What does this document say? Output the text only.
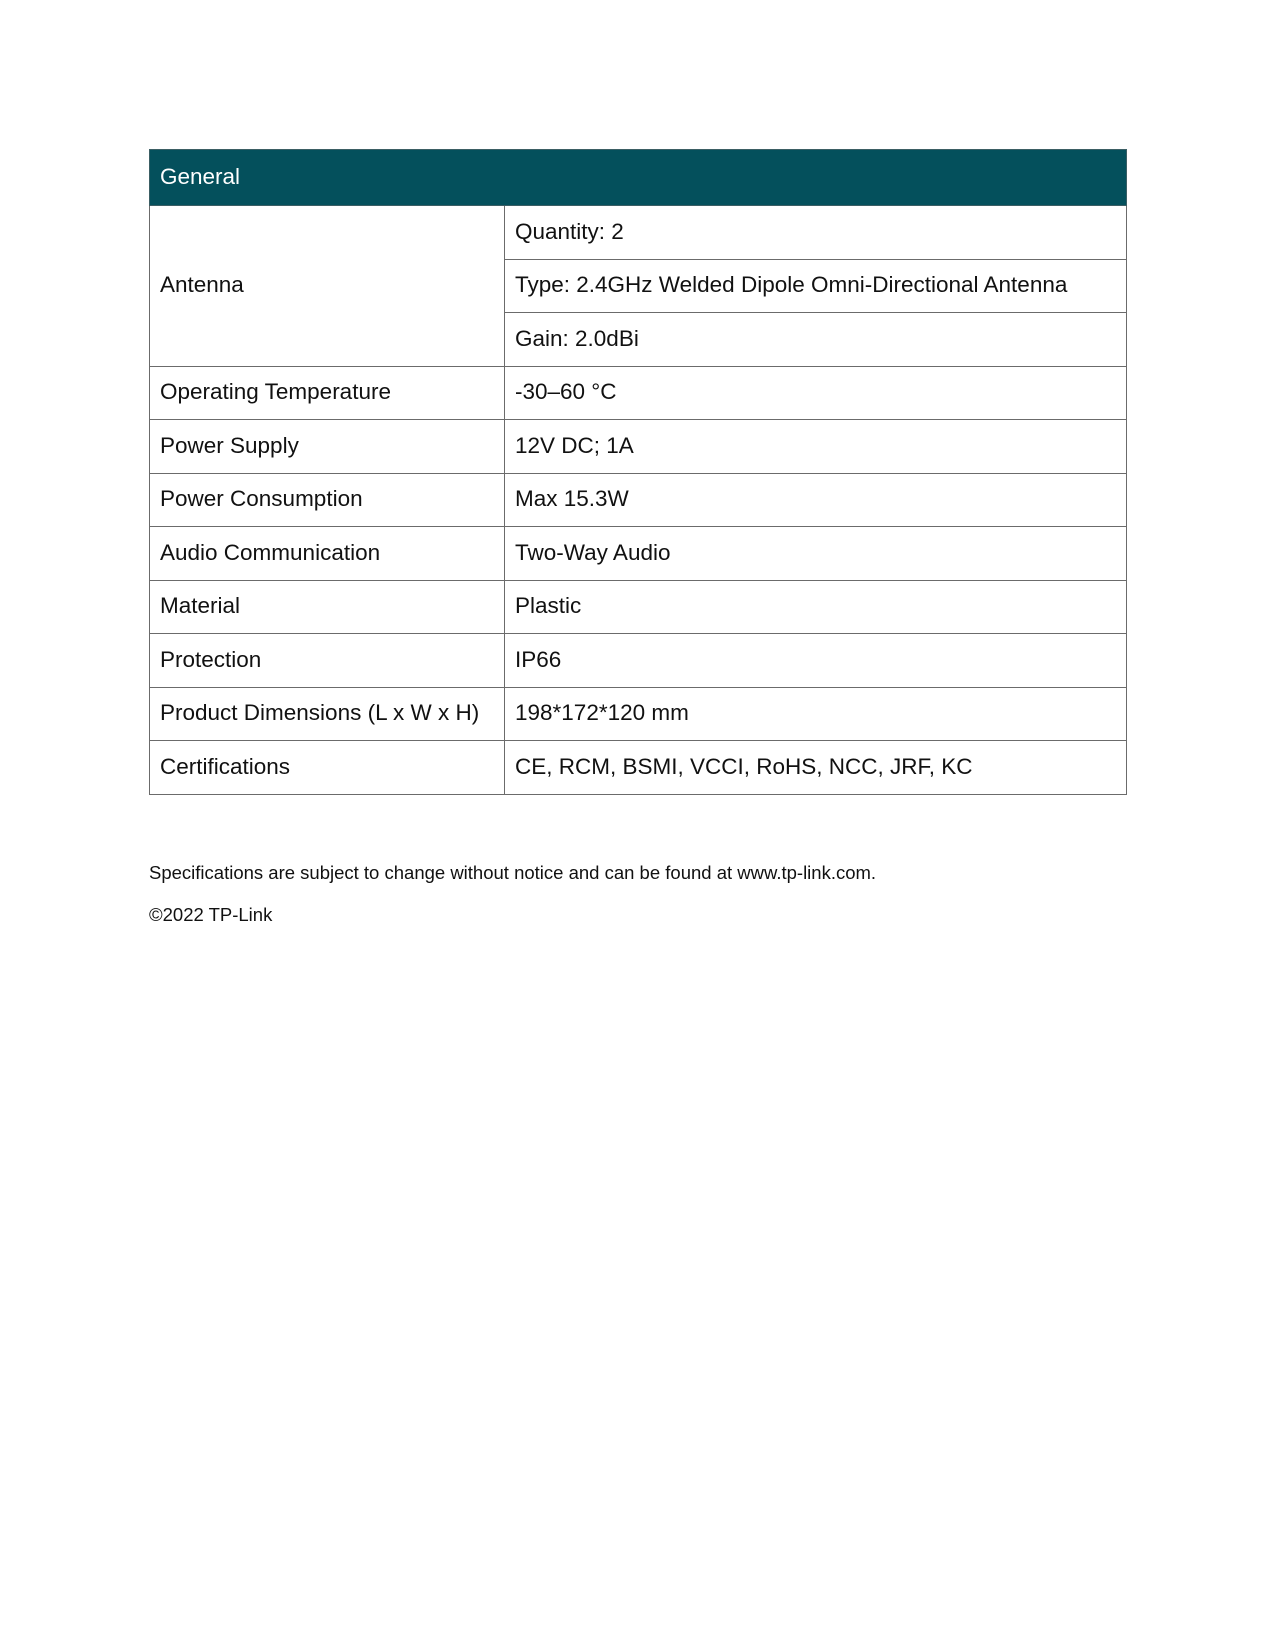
General	
Antenna	Quantity: 2
	Type: 2.4GHz Welded Dipole Omni-Directional Antenna
	Gain: 2.0dBi
Operating Temperature	-30–60 °C
Power Supply	12V DC; 1A
Power Consumption	Max 15.3W
Audio Communication	Two-Way Audio
Material	Plastic
Protection	IP66
Product Dimensions (L x W x H)	198*172*120 mm
Certifications	CE, RCM, BSMI, VCCI, RoHS, NCC, JRF, KC
Specifications are subject to change without notice and can be found at www.tp-link.com.
©2022 TP-Link
